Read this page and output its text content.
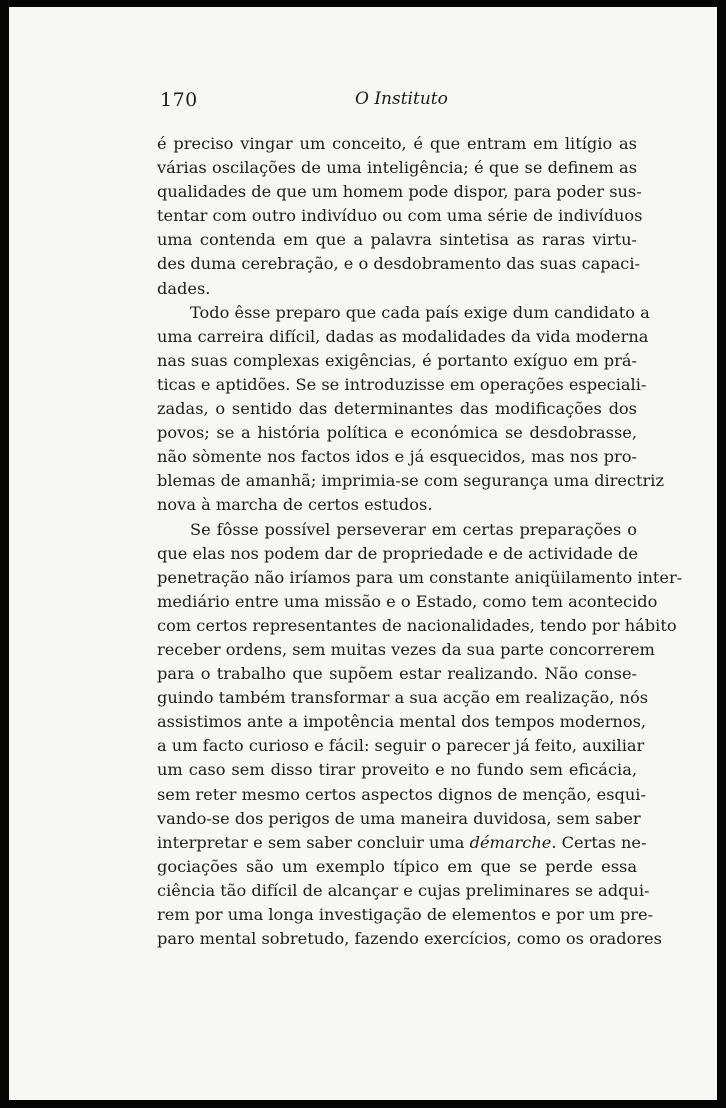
170	O Instituto

é preciso vingar um conceito, é que entram em litígio as
várias oscilações de uma inteligência; é que se definem as
qualidades de que um homem pode dispor, para poder sus-
tentar com outro indivíduo ou com uma série de indivíduos
uma contenda em que a palavra sintetisa as raras virtu-
des duma cerebração, e o desdobramento das suas capaci-
dades.

Todo êsse preparo que cada país exige dum candidato a
uma carreira difícil, dadas as modalidades da vida moderna
nas suas complexas exigências, é portanto exíguo em prá-
ticas e aptidões. Se se introduzisse em operações especiali-
zadas, o sentido das determinantes das modificações dos
povos; se a história política e económica se desdobrasse,
não sòmente nos factos idos e já esquecidos, mas nos pro-
blemas de amanhã; imprimia-se com segurança uma directriz
nova à marcha de certos estudos.

Se fôsse possível perseverar em certas preparações o
que elas nos podem dar de propriedade e de actividade de
penetração não iríamos para um constante aniqüilamento inter-
mediário entre uma missão e o Estado, como tem acontecido
com certos representantes de nacionalidades, tendo por hábito
receber ordens, sem muitas vezes da sua parte concorrerem
para o trabalho que supõem estar realizando. Não conse-
guindo também transformar a sua acção em realização, nós
assistimos ante a impotência mental dos tempos modernos,
a um facto curioso e fácil: seguir o parecer já feito, auxiliar
um caso sem disso tirar proveito e no fundo sem eficácia,
sem reter mesmo certos aspectos dignos de menção, esqui-
vando-se dos perigos de uma maneira duvidosa, sem saber
interpretar e sem saber concluir uma démarche. Certas ne-
gociações são um exemplo típico em que se perde essa
ciência tão difícil de alcançar e cujas preliminares se adqui-
rem por uma longa investigação de elementos e por um pre-
paro mental sobretudo, fazendo exercícios, como os oradores
